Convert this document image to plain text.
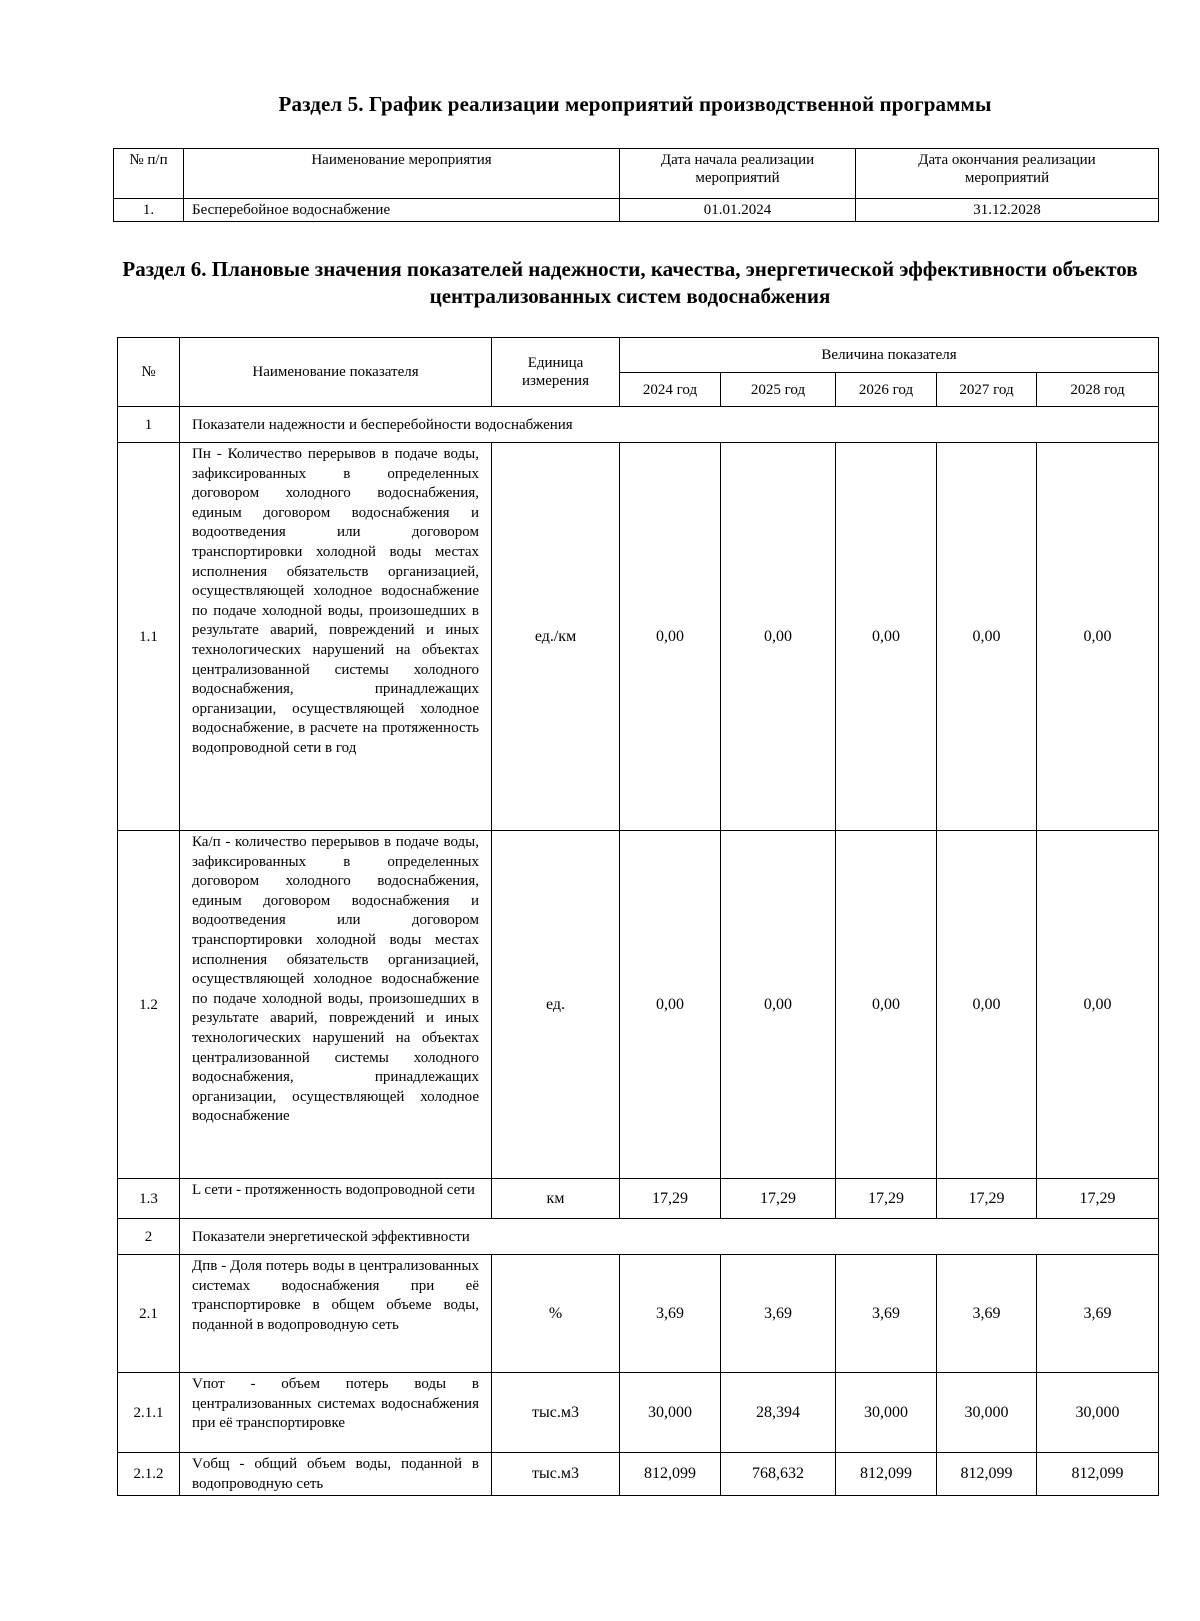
Раздел 5. График реализации мероприятий производственной программы
№ п/п	Наименование мероприятия	Дата начала реализации мероприятий	Дата окончания реализации мероприятий
1.	Бесперебойное водоснабжение	01.01.2024	31.12.2028
Раздел 6. Плановые значения показателей надежности, качества, энергетической эффективности объектов централизованных систем водоснабжения
№	Наименование показателя	Единица измерения	Величина показателя				
			2024 год	2025 год	2026 год	2027 год	2028 год
1	Показатели надежности и бесперебойности водоснабжения						
1.1	Пн - Количество перерывов в подаче воды, зафиксированных в определенных договором холодного водоснабжения, единым договором водоснабжения и водоотведения или договором транспортировки холодной воды местах исполнения обязательств организацией, осуществляющей холодное водоснабжение по подаче холодной воды, произошедших в результате аварий, повреждений и иных технологических нарушений на объектах централизованной системы холодного водоснабжения, принадлежащих организации, осуществляющей холодное водоснабжение, в расчете на протяженность водопроводной сети в год	ед./км	0,00	0,00	0,00	0,00	0,00
1.2	Ка/п - количество перерывов в подаче воды, зафиксированных в определенных договором холодного водоснабжения, единым договором водоснабжения и водоотведения или договором транспортировки холодной воды местах исполнения обязательств организацией, осуществляющей холодное водоснабжение по подаче холодной воды, произошедших в результате аварий, повреждений и иных технологических нарушений на объектах централизованной системы холодного водоснабжения, принадлежащих организации, осуществляющей холодное водоснабжение	ед.	0,00	0,00	0,00	0,00	0,00
1.3	L сети - протяженность водопроводной сети	км	17,29	17,29	17,29	17,29	17,29
2	Показатели энергетической эффективности						
2.1	Дпв - Доля потерь воды в централизованных системах водоснабжения при её транспортировке в общем объеме воды, поданной в водопроводную сеть	%	3,69	3,69	3,69	3,69	3,69
2.1.1	Vпот - объем потерь воды в централизованных системах водоснабжения при её транспортировке	тыс.м3	30,000	28,394	30,000	30,000	30,000
2.1.2	Vобщ - общий объем воды, поданной в водопроводную сеть	тыс.м3	812,099	768,632	812,099	812,099	812,099
